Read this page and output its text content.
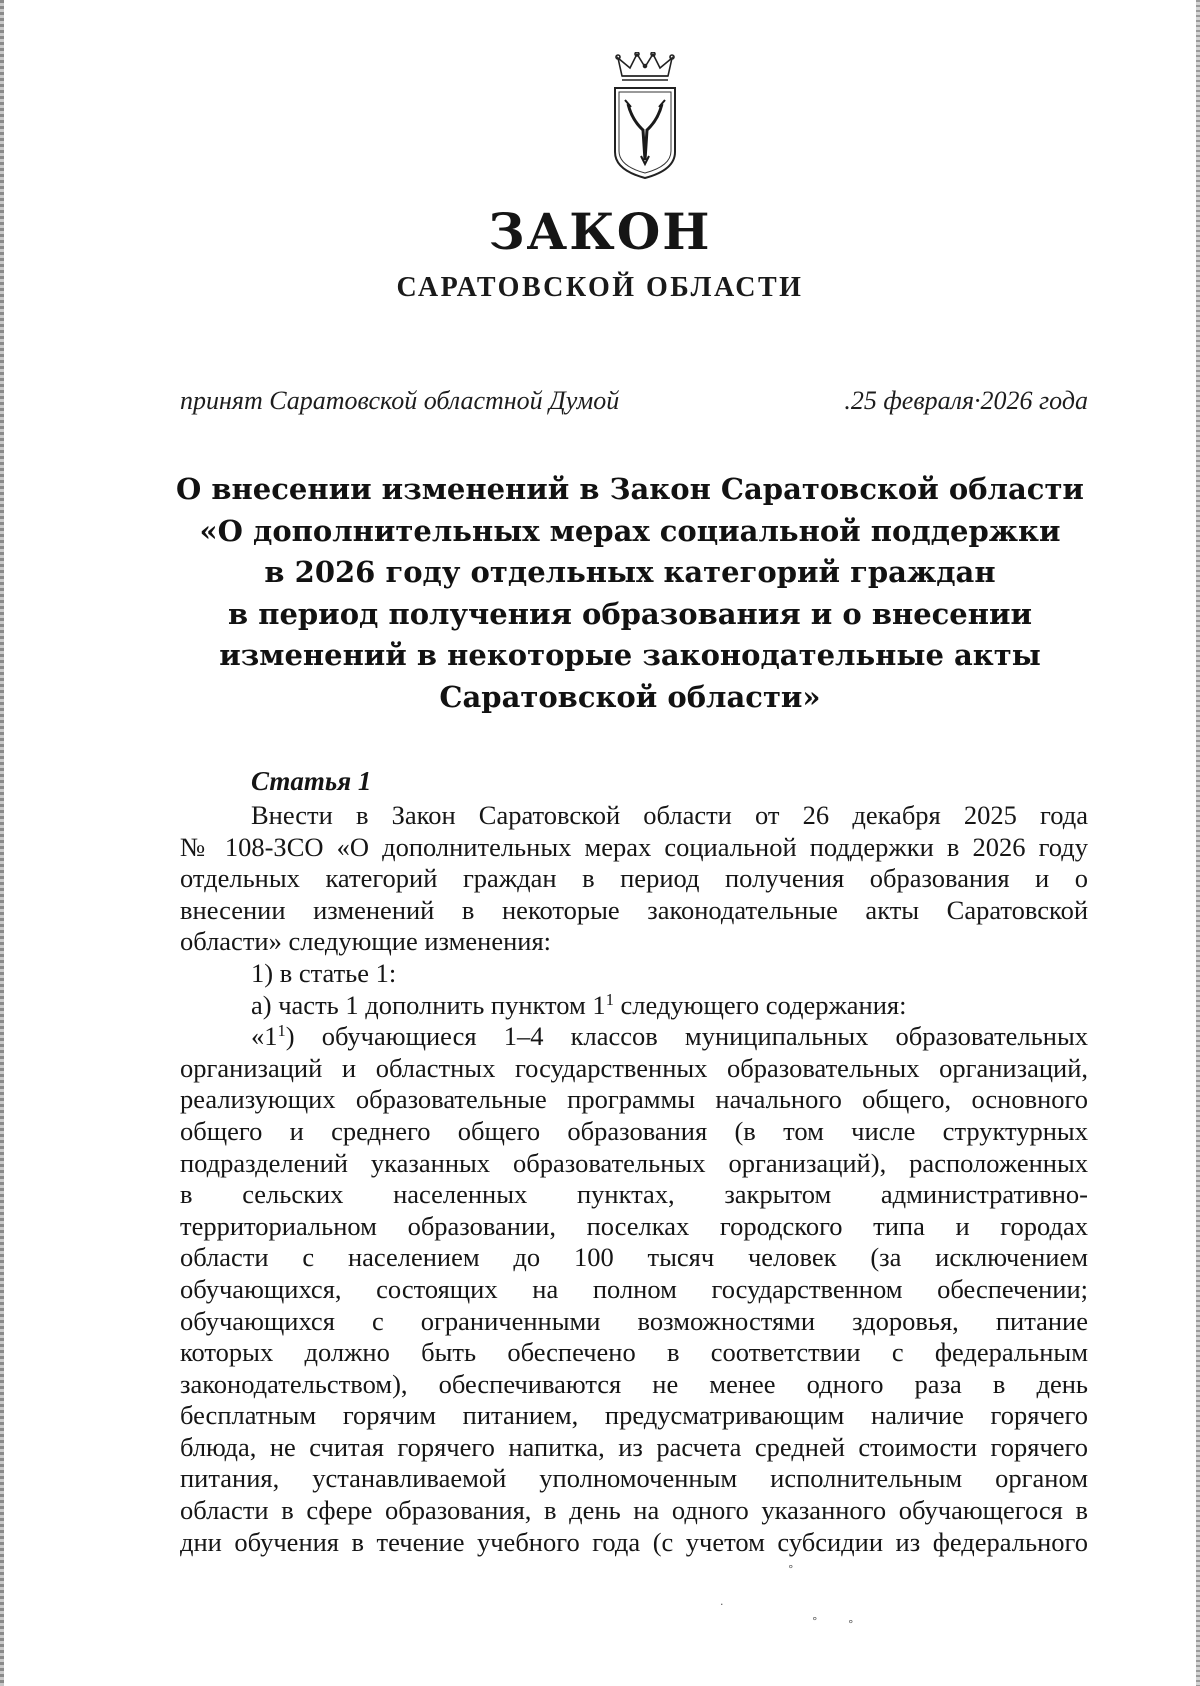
ЗАКОН
САРАТОВСКОЙ ОБЛАСТИ
принят Саратовской областной Думой	.25 февраля·2026 года
О внесении изменений в Закон Саратовской области
«О дополнительных мерах социальной поддержки
в 2026 году отдельных категорий граждан
в период получения образования и о внесении
изменений в некоторые законодательные акты
Саратовской области»
Статья 1
Внести в Закон Саратовской области от 26 декабря 2025 года
№ 108-ЗСО «О дополнительных мерах социальной поддержки в 2026 году
отдельных категорий граждан в период получения образования и о
внесении изменений в некоторые законодательные акты Саратовской
области» следующие изменения:
1) в статье 1:
а) часть 1 дополнить пунктом $1^1$ следующего содержания:
«$1^1$) обучающиеся 1–4 классов муниципальных образовательных
организаций и областных государственных образовательных организаций,
реализующих образовательные программы начального общего, основного
общего и среднего общего образования (в том числе структурных
подразделений указанных образовательных организаций), расположенных
в сельских населенных пунктах, закрытом административно-
территориальном образовании, поселках городского типа и городах
области с населением до 100 тысяч человек (за исключением
обучающихся, состоящих на полном государственном обеспечении;
обучающихся с ограниченными возможностями здоровья, питание
которых должно быть обеспечено в соответствии с федеральным
законодательством), обеспечиваются не менее одного раза в день
бесплатным горячим питанием, предусматривающим наличие горячего
блюда, не считая горячего напитка, из расчета средней стоимости горячего
питания, устанавливаемой уполномоченным исполнительным органом
области в сфере образования, в день на одного указанного обучающегося в
дни обучения в течение учебного года (с учетом субсидии из федерального
°
·
°	°
